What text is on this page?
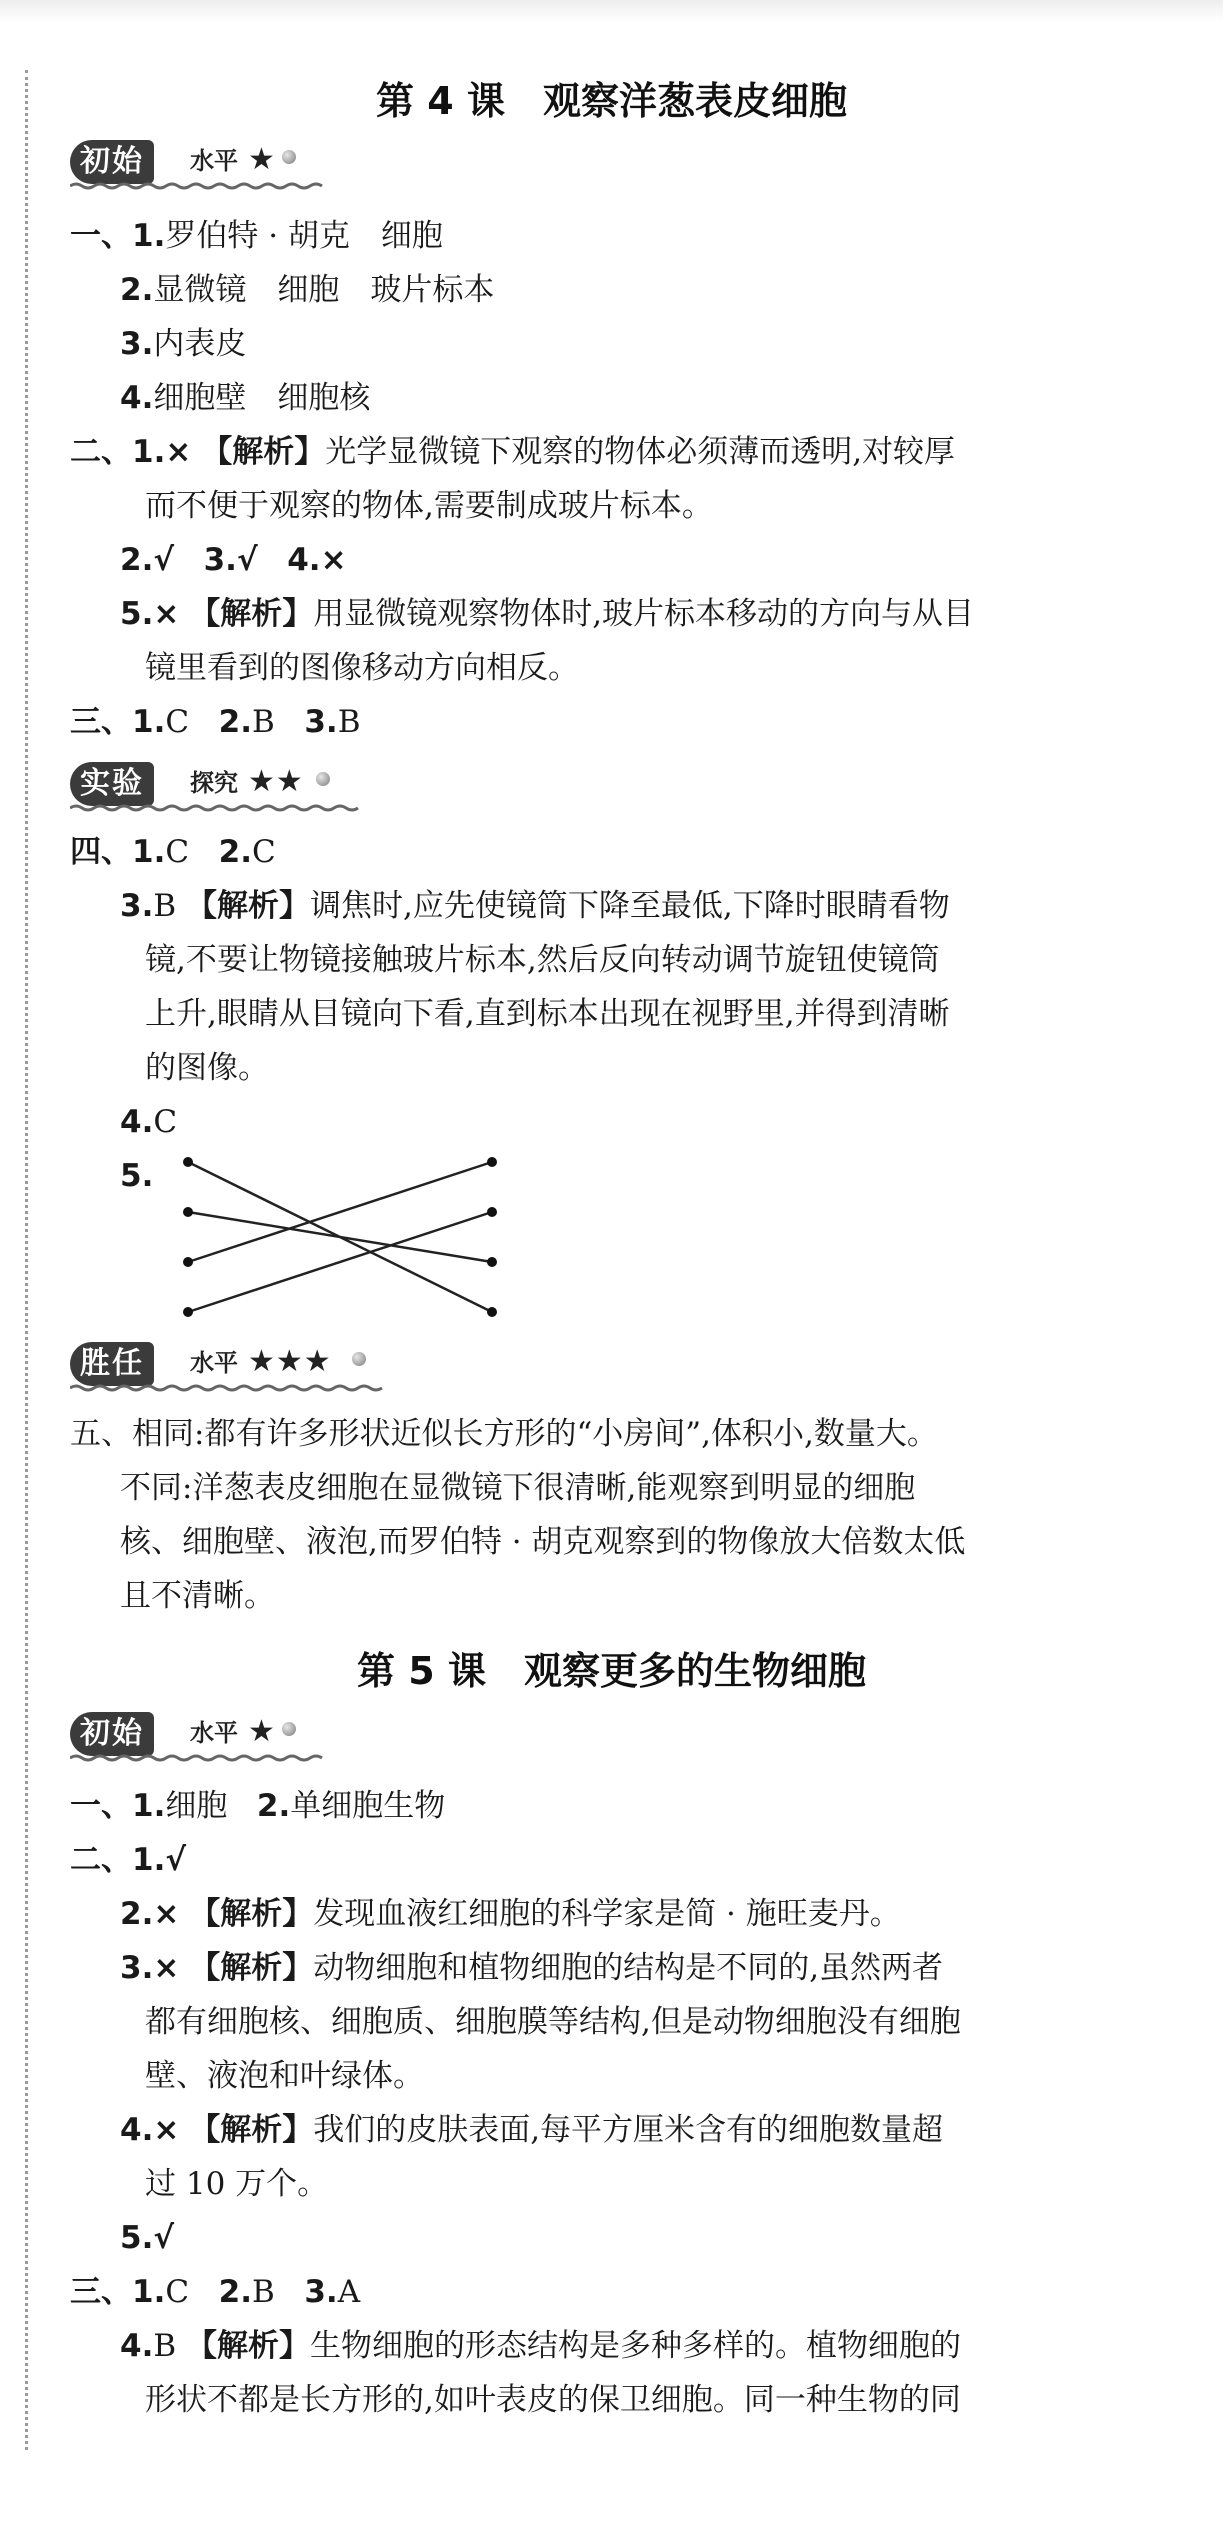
第 4 课　观察洋葱表皮细胞
初始	水平 ★
一、1.罗伯特 · 胡克　细胞
2.显微镜　细胞　玻片标本
3.内表皮
4.细胞壁　细胞核
二、1.× 【解析】光学显微镜下观察的物体必须薄而透明,对较厚
而不便于观察的物体,需要制成玻片标本。
2.√ 3.√ 4.×
5.× 【解析】用显微镜观察物体时,玻片标本移动的方向与从目
镜里看到的图像移动方向相反。
三、1.C 2.B 3.B
实验	探究 ★★
四、1.C 2.C
3.B 【解析】调焦时,应先使镜筒下降至最低,下降时眼睛看物
镜,不要让物镜接触玻片标本,然后反向转动调节旋钮使镜筒
上升,眼睛从目镜向下看,直到标本出现在视野里,并得到清晰
的图像。
4.C
5.
胜任	水平 ★★★
五、相同:都有许多形状近似长方形的“小房间”,体积小,数量大。
不同:洋葱表皮细胞在显微镜下很清晰,能观察到明显的细胞
核、细胞壁、液泡,而罗伯特 · 胡克观察到的物像放大倍数太低
且不清晰。
第 5 课　观察更多的生物细胞
初始	水平 ★
一、1.细胞 2.单细胞生物
二、1.√
2.× 【解析】发现血液红细胞的科学家是简 · 施旺麦丹。
3.× 【解析】动物细胞和植物细胞的结构是不同的,虽然两者
都有细胞核、细胞质、细胞膜等结构,但是动物细胞没有细胞
壁、液泡和叶绿体。
4.× 【解析】我们的皮肤表面,每平方厘米含有的细胞数量超
过 10 万个。
5.√
三、1.C 2.B 3.A
4.B 【解析】生物细胞的形态结构是多种多样的。植物细胞的
形状不都是长方形的,如叶表皮的保卫细胞。同一种生物的同
